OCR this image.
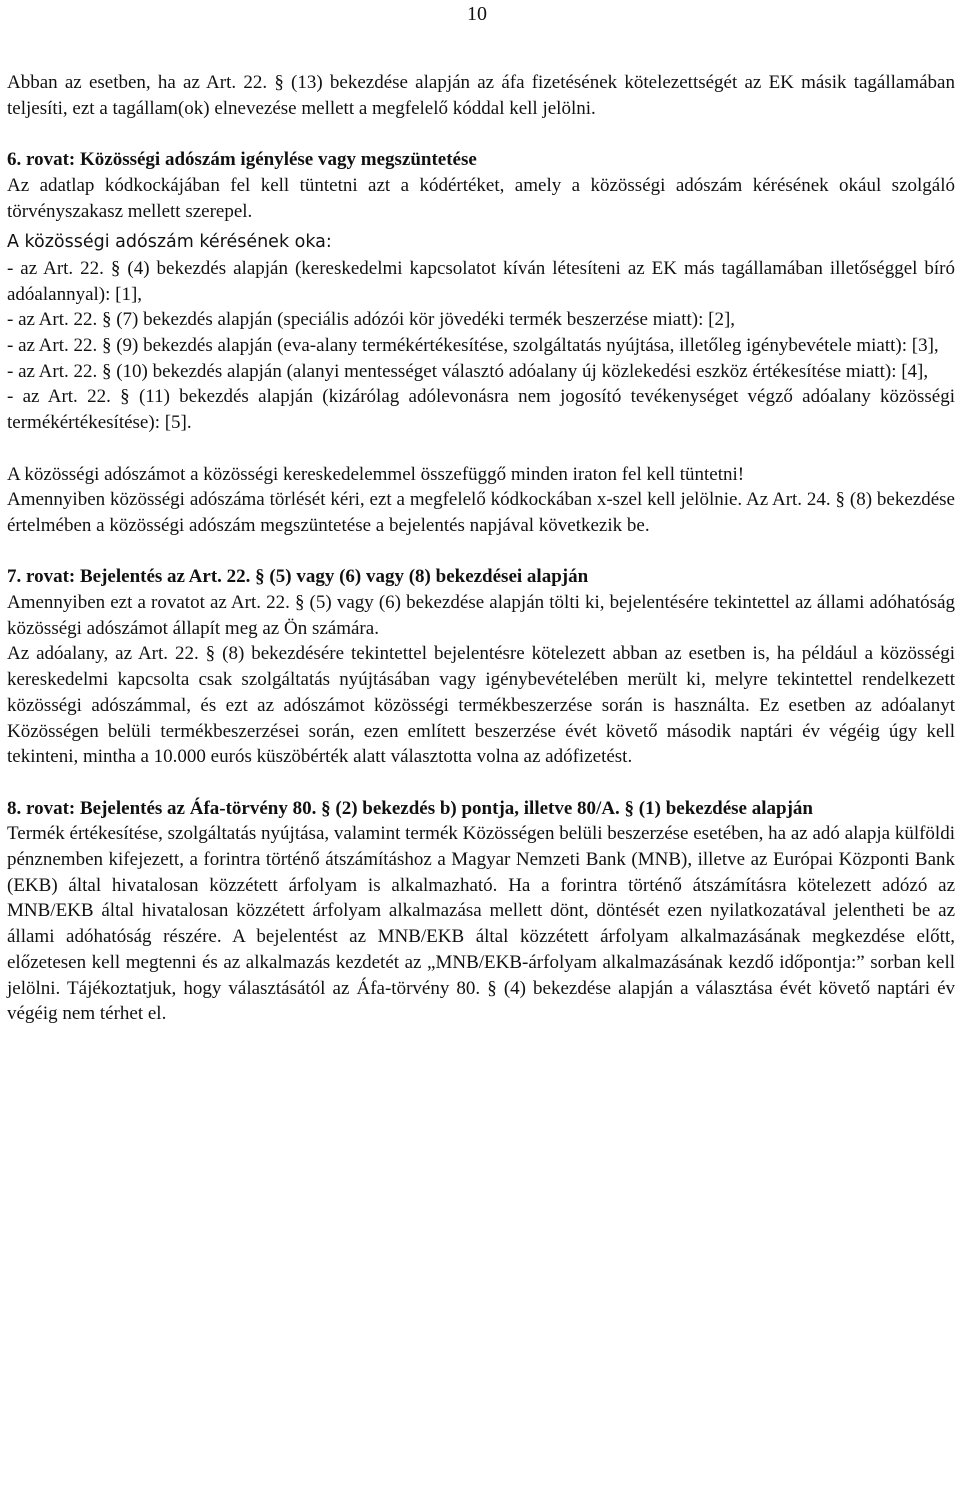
10

Abban az esetben, ha az Art. 22. § (13) bekezdése alapján az áfa fizetésének kötelezettségét az EK másik tagállamában teljesíti, ezt a tagállam(ok) elnevezése mellett a megfelelő kóddal kell jelölni.

6. rovat: Közösségi adószám igénylése vagy megszüntetése

Az adatlap kódkockájában fel kell tüntetni azt a kódértéket, amely a közösségi adószám kérésének okául szolgáló törvényszakasz mellett szerepel.

A közösségi adószám kérésének oka:

- az Art. 22. § (4) bekezdés alapján (kereskedelmi kapcsolatot kíván létesíteni az EK más tagállamában illetőséggel bíró adóalannyal): [1],

- az Art. 22. § (7) bekezdés alapján (speciális adózói kör jövedéki termék beszerzése miatt): [2],

- az Art. 22. § (9) bekezdés alapján (eva-alany termékértékesítése, szolgáltatás nyújtása, illetőleg igénybevétele miatt): [3],

- az Art. 22. § (10) bekezdés alapján (alanyi mentességet választó adóalany új közlekedési eszköz értékesítése miatt): [4],

- az Art. 22. § (11) bekezdés alapján (kizárólag adólevonásra nem jogosító tevékenységet végző adóalany közösségi termékértékesítése): [5].

A közösségi adószámot a közösségi kereskedelemmel összefüggő minden iraton fel kell tüntetni!

Amennyiben közösségi adószáma törlését kéri, ezt a megfelelő kódkockában x-szel kell jelölnie. Az Art. 24. § (8) bekezdése értelmében a közösségi adószám megszüntetése a bejelentés napjával következik be.

7. rovat: Bejelentés az Art. 22. § (5) vagy (6) vagy (8) bekezdései alapján

Amennyiben ezt a rovatot az Art. 22. § (5) vagy (6) bekezdése alapján tölti ki, bejelentésére tekintettel az állami adóhatóság közösségi adószámot állapít meg az Ön számára.

Az adóalany, az Art. 22. § (8) bekezdésére tekintettel bejelentésre kötelezett abban az esetben is, ha például a közösségi kereskedelmi kapcsolta csak szolgáltatás nyújtásában vagy igénybevételében merült ki, melyre tekintettel rendelkezett közösségi adószámmal, és ezt az adószámot közösségi termékbeszerzése során is használta. Ez esetben az adóalanyt Közösségen belüli termékbeszerzései során, ezen említett beszerzése évét követő második naptári év végéig úgy kell tekinteni, mintha a 10.000 eurós küszöbérték alatt választotta volna az adófizetést.

8. rovat: Bejelentés az Áfa-törvény 80. § (2) bekezdés b) pontja, illetve 80/A. § (1) bekezdése alapján

Termék értékesítése, szolgáltatás nyújtása, valamint termék Közösségen belüli beszerzése esetében, ha az adó alapja külföldi pénznemben kifejezett, a forintra történő átszámításhoz a Magyar Nemzeti Bank (MNB), illetve az Európai Központi Bank (EKB) által hivatalosan közzétett árfolyam is alkalmazható. Ha a forintra történő átszámításra kötelezett adózó az MNB/EKB által hivatalosan közzétett árfolyam alkalmazása mellett dönt, döntését ezen nyilatkozatával jelentheti be az állami adóhatóság részére. A bejelentést az MNB/EKB által közzétett árfolyam alkalmazásának megkezdése előtt, előzetesen kell megtenni és az alkalmazás kezdetét az „MNB/EKB-árfolyam alkalmazásának kezdő időpontja:” sorban kell jelölni. Tájékoztatjuk, hogy választásától az Áfa-törvény 80. § (4) bekezdése alapján a választása évét követő naptári év végéig nem térhet el.
